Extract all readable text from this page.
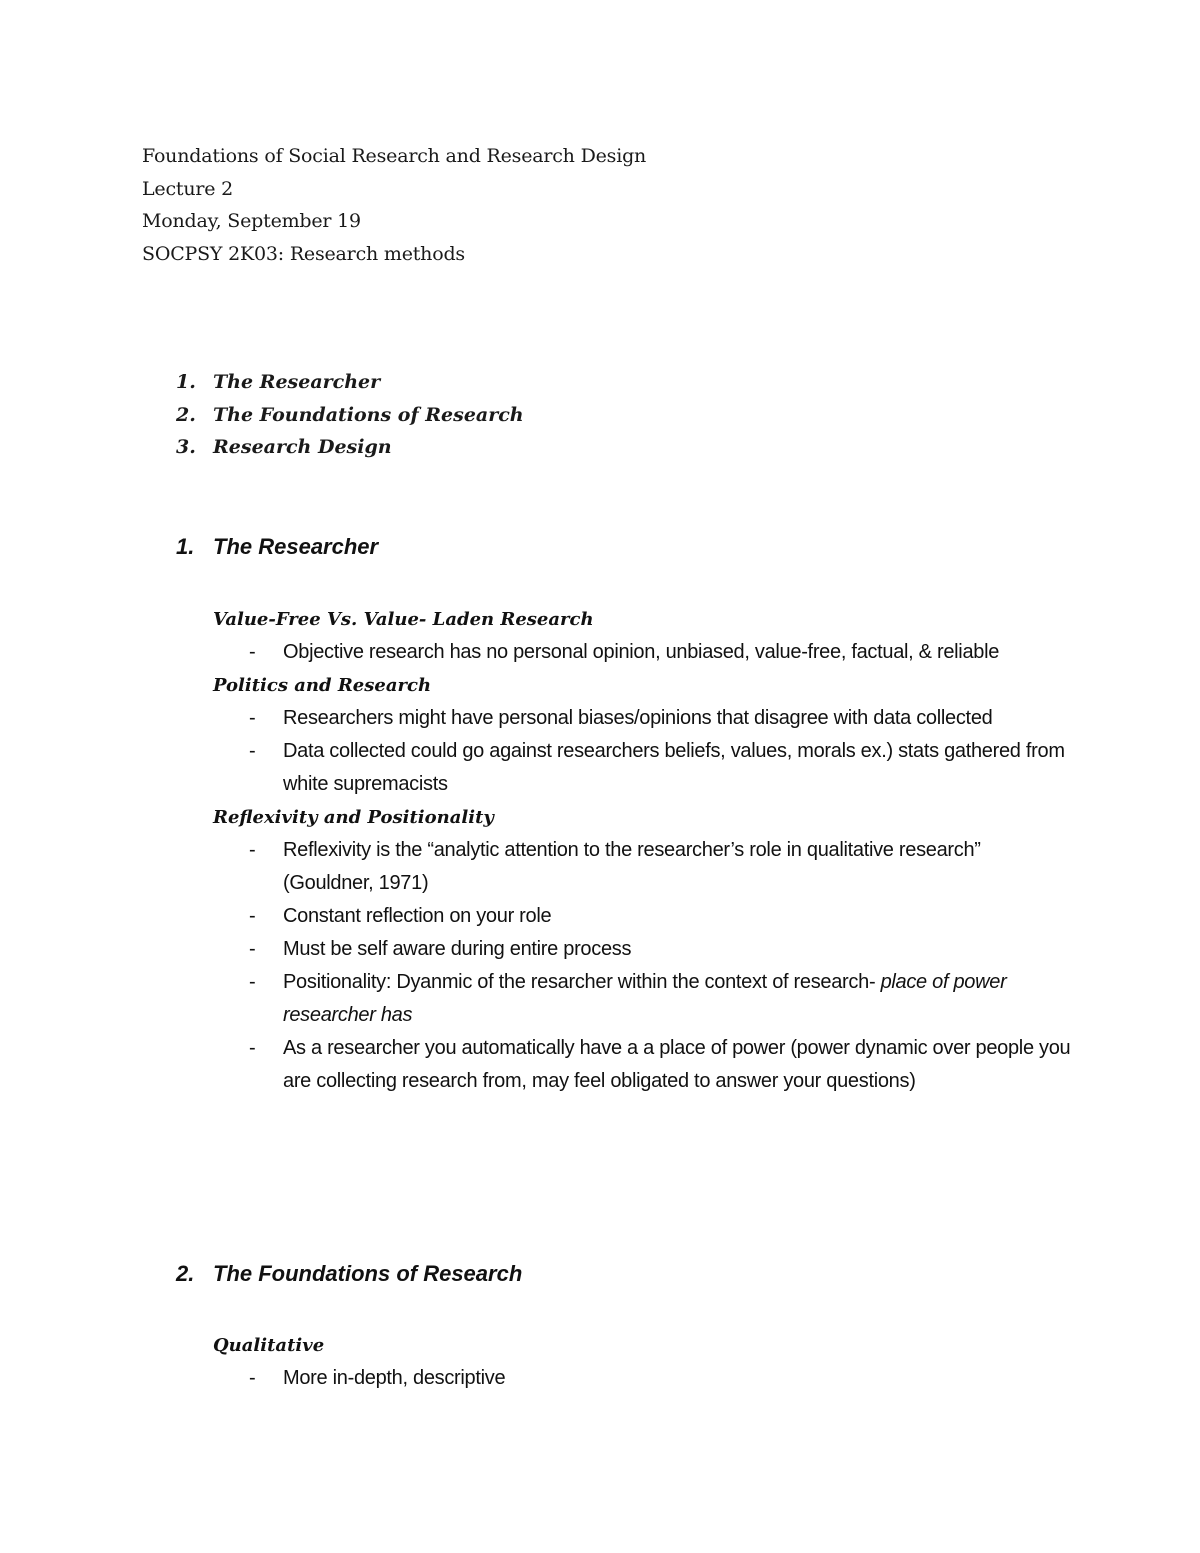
Foundations of Social Research and Research Design
Lecture 2
Monday, September 19
SOCPSY 2K03: Research methods
1. The Researcher
2. The Foundations of Research
3. Research Design
1. The Researcher
Value-Free Vs. Value- Laden Research
- Objective research has no personal opinion, unbiased, value-free, factual, & reliable
Politics and Research
- Researchers might have personal biases/opinions that disagree with data collected
- Data collected could go against researchers beliefs, values, morals ex.) stats gathered from white supremacists
Reflexivity and Positionality
- Reflexivity is the “analytic attention to the researcher’s role in qualitative research” (Gouldner, 1971)
- Constant reflection on your role
- Must be self aware during entire process
- Positionality: Dyanmic of the resarcher within the context of research- place of power researcher has
- As a researcher you automatically have a a place of power (power dynamic over people you are collecting research from, may feel obligated to answer your questions)
2. The Foundations of Research
Qualitative
- More in-depth, descriptive
